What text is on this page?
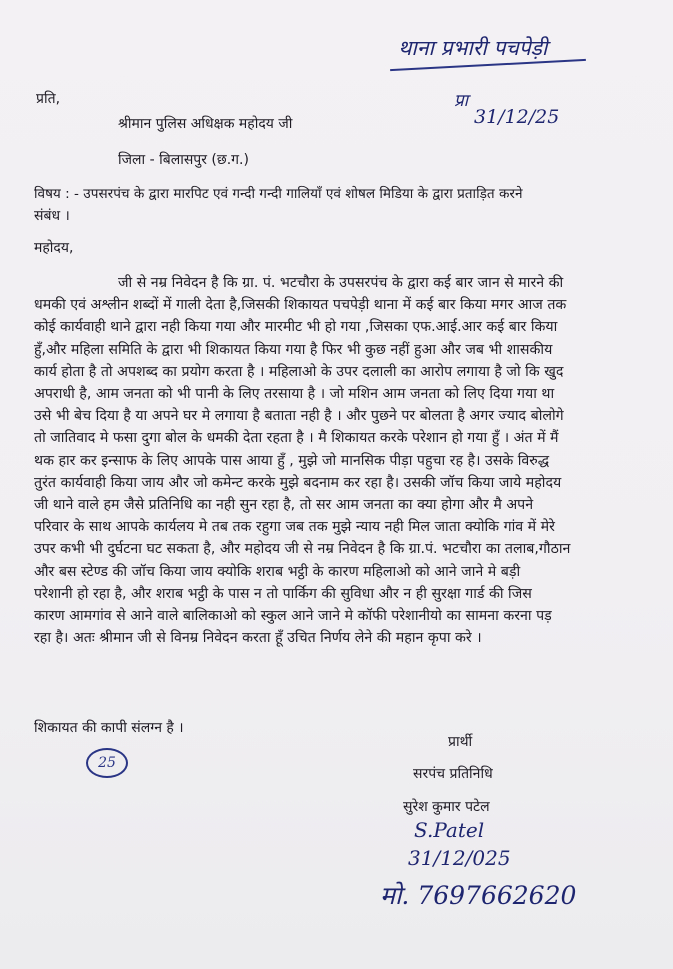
थाना प्रभारी पचपेड़ी
प्रा
31/12/25
प्रति,
श्रीमान पुलिस अधिक्षक महोदय जी
जिला - बिलासपुर (छ.ग.)
विषय : - उपसरपंच के द्वारा मारपिट एवं गन्दी गन्दी गालियाँ एवं शोषल मिडिया के द्वारा प्रताड़ित करने
संबंध ।
महोदय,
जी से नम्र निवेदन है कि ग्रा. पं. भटचौरा के उपसरपंच के द्वारा कई बार जान से मारने की
धमकी एवं अश्लीन शब्दों में गाली देता है,जिसकी शिकायत पचपेड़ी थाना में कई बार किया मगर आज तक
कोई कार्यवाही थाने द्वारा नही किया गया और मारमीट भी हो गया ,जिसका एफ.आई.आर कई बार किया
हुँ,और महिला समिति के द्वारा भी शिकायत किया गया है फिर भी कुछ नहीं हुआ और जब भी शासकीय
कार्य होता है तो अपशब्द का प्रयोग करता है । महिलाओ के उपर दलाली का आरोप लगाया है जो कि खुद
अपराधी है, आम जनता को भी पानी के लिए तरसाया है । जो मशिन आम जनता को लिए दिया गया था
उसे भी बेच दिया है या अपने घर मे लगाया है बताता नही है । और पुछने पर बोलता है अगर ज्याद बोलोगे
तो जातिवाद मे फसा दुगा बोल के धमकी देता रहता है । मै शिकायत करके परेशान हो गया हुँ । अंत में मैं
थक हार कर इन्साफ के लिए आपके पास आया हुँ , मुझे जो मानसिक पीड़ा पहुचा रह है। उसके विरुद्ध
तुरंत कार्यवाही किया जाय और जो कमेन्ट करके मुझे बदनाम कर रहा है। उसकी जॉच किया जाये महोदय
जी थाने वाले हम जैसे प्रतिनिधि का नही सुन रहा है, तो सर आम जनता का क्या होगा और मै अपने
परिवार के साथ आपके कार्यलय मे तब तक रहुगा जब तक मुझे न्याय नही मिल जाता क्योकि गांव में मेरे
उपर कभी भी दुर्घटना घट सकता है, और महोदय जी से नम्र निवेदन है कि ग्रा.पं. भटचौरा का तलाब,गौठान
और बस स्टेण्ड की जॉच किया जाय क्योकि शराब भट्ठी के कारण महिलाओ को आने जाने मे बड़ी
परेशानी हो रहा है, और शराब भट्ठी के पास न तो पार्किग की सुविधा और न ही सुरक्षा गार्ड की जिस
कारण आमगांव से आने वाले बालिकाओ को स्कुल आने जाने मे कॉफी परेशानीयो का सामना करना पड़
रहा है। अतः श्रीमान जी से विनम्र निवेदन करता हूँ उचित निर्णय लेने की महान कृपा करे ।
शिकायत की कापी संलग्न है ।
25
प्रार्थी
सरपंच प्रतिनिधि
सुरेश कुमार पटेल
S.Patel
31/12/025
मो. 7697662620
